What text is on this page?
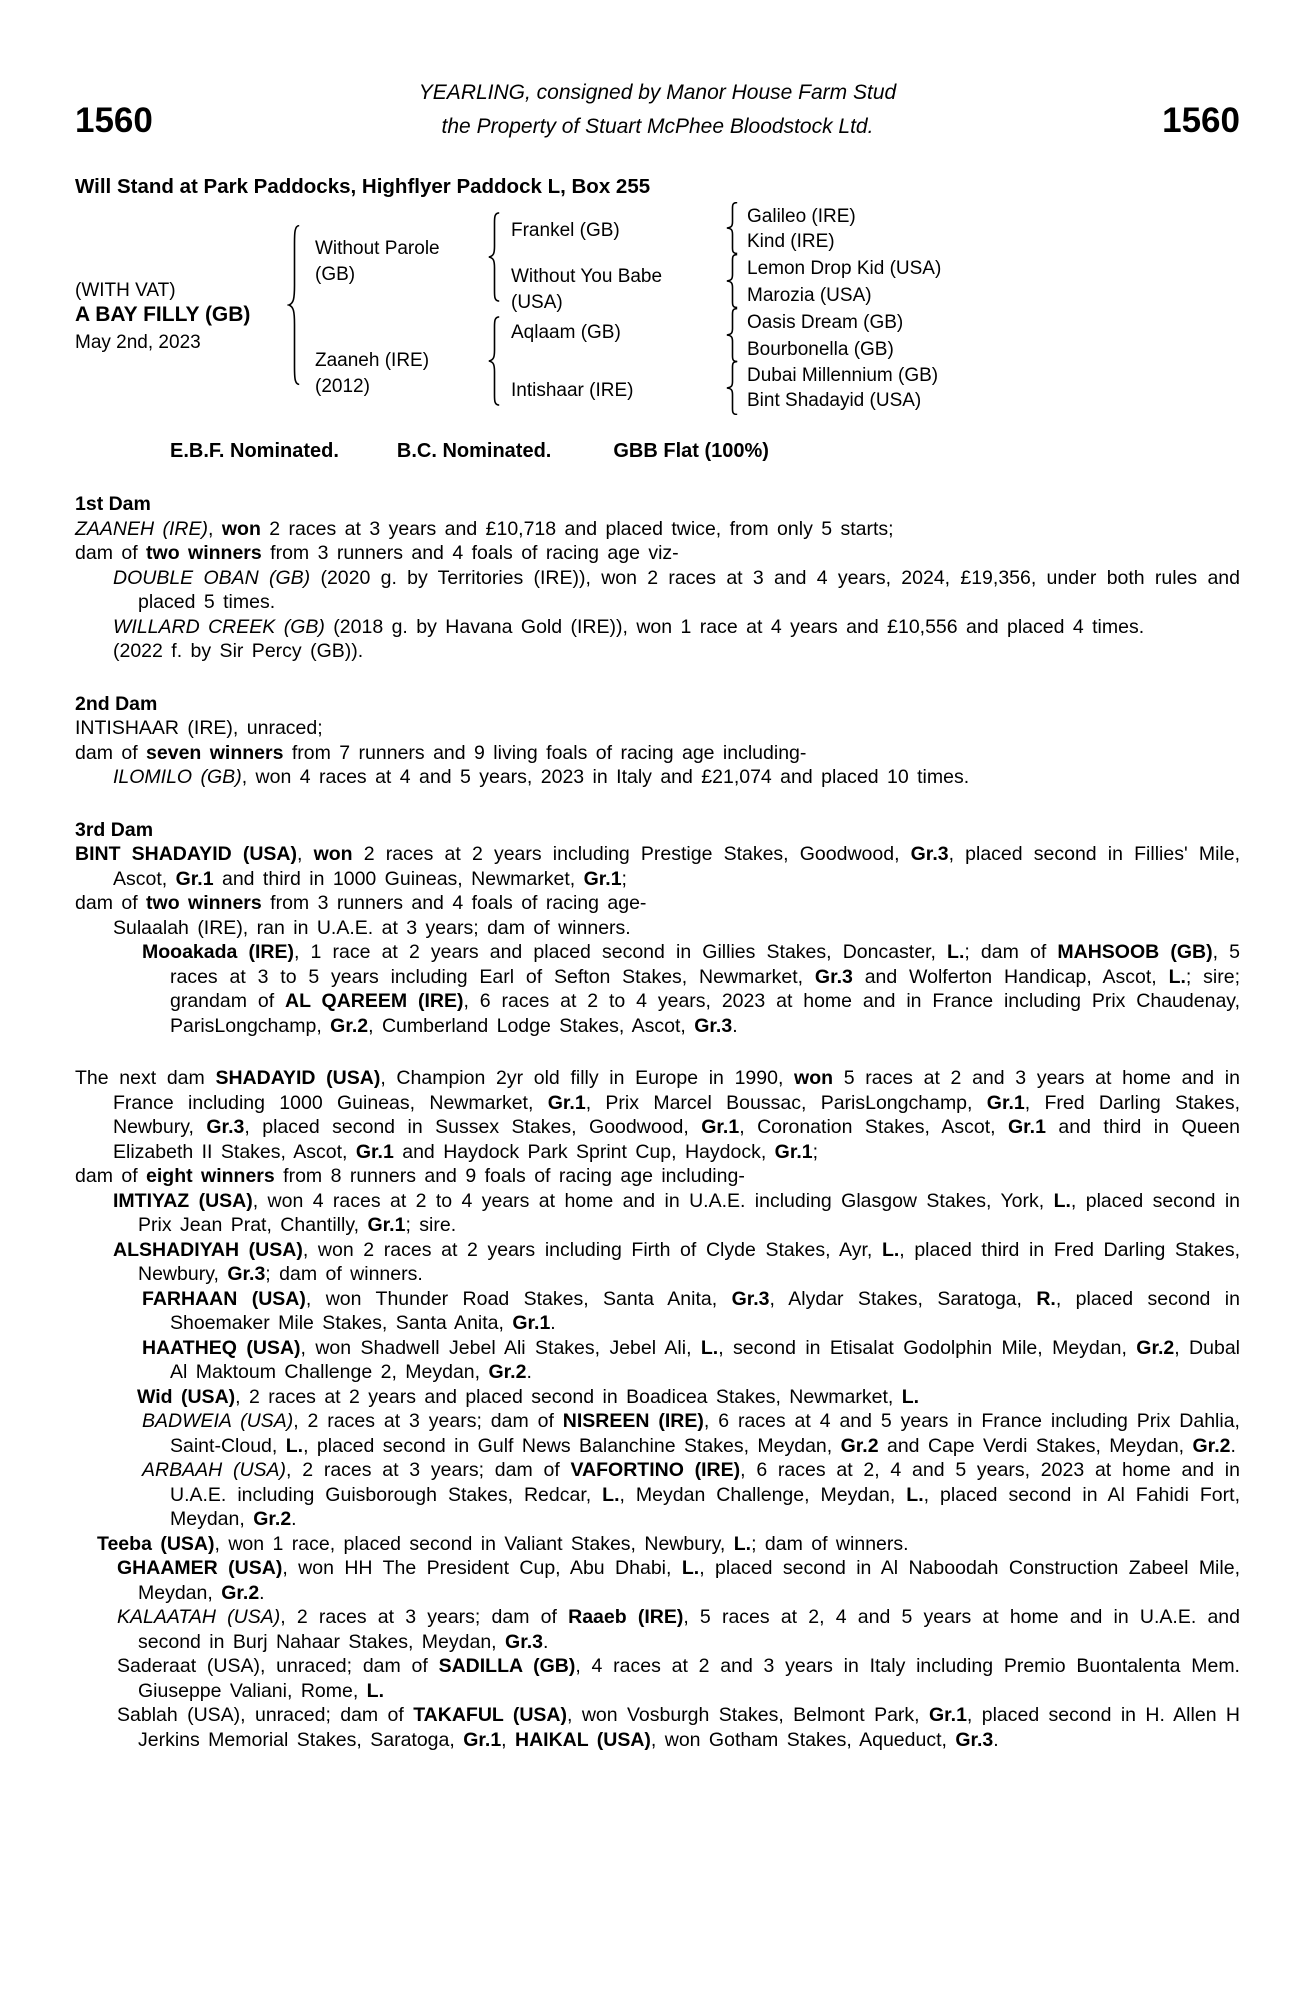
1560
YEARLING, consigned by Manor House Farm Stud
the Property of Stuart McPhee Bloodstock Ltd.	1560
Will Stand at Park Paddocks, Highflyer Paddock L, Box 255
(WITH VAT)
A BAY FILLY (GB)
May 2nd, 2023
Without Parole
(GB)
Zaaneh (IRE)
(2012)
Frankel (GB)
Without You Babe
(USA)
Aqlaam (GB)
Intishaar (IRE)
Galileo (IRE)
Kind (IRE)
Lemon Drop Kid (USA)
Marozia (USA)
Oasis Dream (GB)
Bourbonella (GB)
Dubai Millennium (GB)
Bint Shadayid (USA)
E.B.F. Nominated.	B.C. Nominated.	GBB Flat (100%)
1st Dam

ZAANEH (IRE), won 2 races at 3 years and £10,718 and placed twice, from only 5 starts;

dam of two winners from 3 runners and 4 foals of racing age viz-

DOUBLE OBAN (GB) (2020 g. by Territories (IRE)), won 2 races at 3 and 4 years, 2024, £19,356, under both rules and placed 5 times.

WILLARD CREEK (GB) (2018 g. by Havana Gold (IRE)), won 1 race at 4 years and £10,556 and placed 4 times.

(2022 f. by Sir Percy (GB)).

2nd Dam

INTISHAAR (IRE), unraced;

dam of seven winners from 7 runners and 9 living foals of racing age including-

ILOMILO (GB), won 4 races at 4 and 5 years, 2023 in Italy and £21,074 and placed 10 times.

3rd Dam

BINT SHADAYID (USA), won 2 races at 2 years including Prestige Stakes, Goodwood, Gr.3, placed second in Fillies' Mile, Ascot, Gr.1 and third in 1000 Guineas, Newmarket, Gr.1;

dam of two winners from 3 runners and 4 foals of racing age-

Sulaalah (IRE), ran in U.A.E. at 3 years; dam of winners.

Mooakada (IRE), 1 race at 2 years and placed second in Gillies Stakes, Doncaster, L.; dam of MAHSOOB (GB), 5 races at 3 to 5 years including Earl of Sefton Stakes, Newmarket, Gr.3 and Wolferton Handicap, Ascot, L.; sire; grandam of AL QAREEM (IRE), 6 races at 2 to 4 years, 2023 at home and in France including Prix Chaudenay, ParisLongchamp, Gr.2, Cumberland Lodge Stakes, Ascot, Gr.3.

The next dam SHADAYID (USA), Champion 2yr old filly in Europe in 1990, won 5 races at 2 and 3 years at home and in France including 1000 Guineas, Newmarket, Gr.1, Prix Marcel Boussac, ParisLongchamp, Gr.1, Fred Darling Stakes, Newbury, Gr.3, placed second in Sussex Stakes, Goodwood, Gr.1, Coronation Stakes, Ascot, Gr.1 and third in Queen Elizabeth II Stakes, Ascot, Gr.1 and Haydock Park Sprint Cup, Haydock, Gr.1;

dam of eight winners from 8 runners and 9 foals of racing age including-

IMTIYAZ (USA), won 4 races at 2 to 4 years at home and in U.A.E. including Glasgow Stakes, York, L., placed second in Prix Jean Prat, Chantilly, Gr.1; sire.

ALSHADIYAH (USA), won 2 races at 2 years including Firth of Clyde Stakes, Ayr, L., placed third in Fred Darling Stakes, Newbury, Gr.3; dam of winners.

FARHAAN (USA), won Thunder Road Stakes, Santa Anita, Gr.3, Alydar Stakes, Saratoga, R., placed second in Shoemaker Mile Stakes, Santa Anita, Gr.1.

HAATHEQ (USA), won Shadwell Jebel Ali Stakes, Jebel Ali, L., second in Etisalat Godolphin Mile, Meydan, Gr.2, Dubal Al Maktoum Challenge 2, Meydan, Gr.2.

Wid (USA), 2 races at 2 years and placed second in Boadicea Stakes, Newmarket, L.

BADWEIA (USA), 2 races at 3 years; dam of NISREEN (IRE), 6 races at 4 and 5 years in France including Prix Dahlia, Saint-Cloud, L., placed second in Gulf News Balanchine Stakes, Meydan, Gr.2 and Cape Verdi Stakes, Meydan, Gr.2.

ARBAAH (USA), 2 races at 3 years; dam of VAFORTINO (IRE), 6 races at 2, 4 and 5 years, 2023 at home and in U.A.E. including Guisborough Stakes, Redcar, L., Meydan Challenge, Meydan, L., placed second in Al Fahidi Fort, Meydan, Gr.2.

Teeba (USA), won 1 race, placed second in Valiant Stakes, Newbury, L.; dam of winners.

GHAAMER (USA), won HH The President Cup, Abu Dhabi, L., placed second in Al Naboodah Construction Zabeel Mile, Meydan, Gr.2.

KALAATAH (USA), 2 races at 3 years; dam of Raaeb (IRE), 5 races at 2, 4 and 5 years at home and in U.A.E. and second in Burj Nahaar Stakes, Meydan, Gr.3.

Saderaat (USA), unraced; dam of SADILLA (GB), 4 races at 2 and 3 years in Italy including Premio Buontalenta Mem. Giuseppe Valiani, Rome, L.

Sablah (USA), unraced; dam of TAKAFUL (USA), won Vosburgh Stakes, Belmont Park, Gr.1, placed second in H. Allen H Jerkins Memorial Stakes, Saratoga, Gr.1, HAIKAL (USA), won Gotham Stakes, Aqueduct, Gr.3.
